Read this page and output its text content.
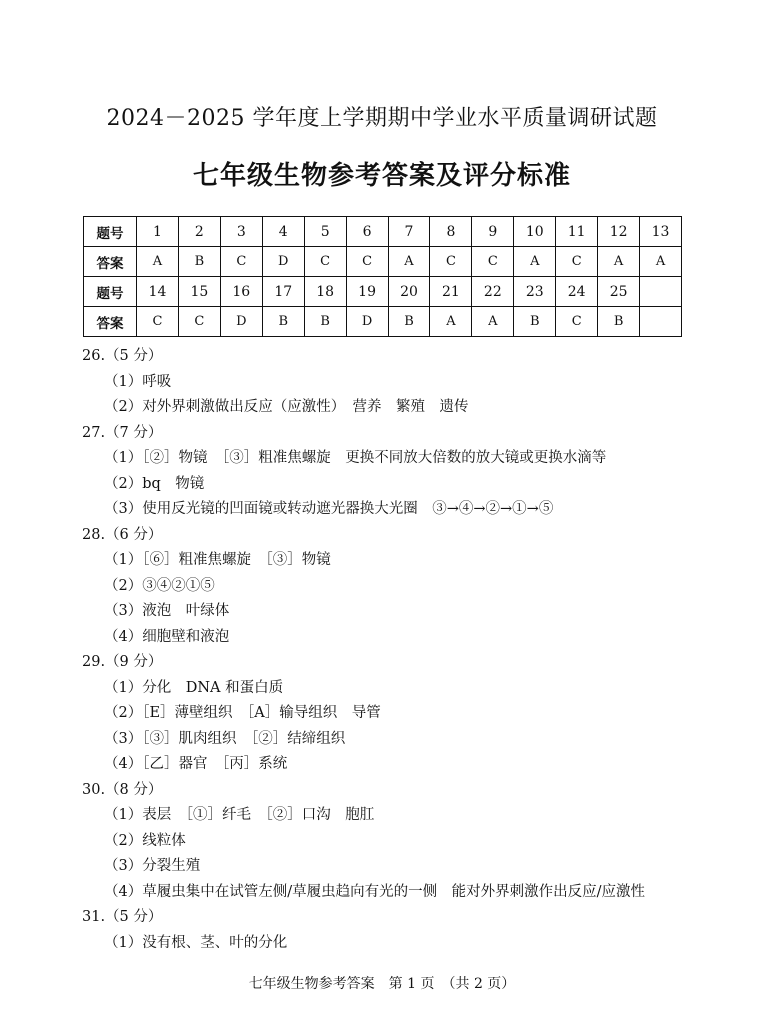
2024－2025 学年度上学期期中学业水平质量调研试题
七年级生物参考答案及评分标准
题号	1	2	3	4	5	6	7	8	9	10	11	12	13
答案	A	B	C	D	C	C	A	C	C	A	C	A	A
题号	14	15	16	17	18	19	20	21	22	23	24	25	
答案	C	C	D	B	B	D	B	A	A	B	C	B	
26.（5 分）
（1）呼吸
（2）对外界刺激做出反应（应激性）　营养　繁殖　遗传
27.（7 分）
（1）［②］物镜　［③］粗准焦螺旋　更换不同放大倍数的放大镜或更换水滴等
（2）bq　物镜
（3）使用反光镜的凹面镜或转动遮光器换大光圈　③→④→②→①→⑤
28.（6 分）
（1）［⑥］粗准焦螺旋　［③］物镜
（2）③④②①⑤
（3）液泡　叶绿体
（4）细胞壁和液泡
29.（9 分）
（1）分化　DNA 和蛋白质
（2）［E］薄壁组织　［A］输导组织　导管
（3）［③］肌肉组织　［②］结缔组织
（4）［乙］器官　［丙］系统
30.（8 分）
（1）表层　［①］纤毛　［②］口沟　胞肛
（2）线粒体
（3）分裂生殖
（4）草履虫集中在试管左侧/草履虫趋向有光的一侧　能对外界刺激作出反应/应激性
31.（5 分）
（1）没有根、茎、叶的分化
七年级生物参考答案　第 1 页　（共 2 页）
